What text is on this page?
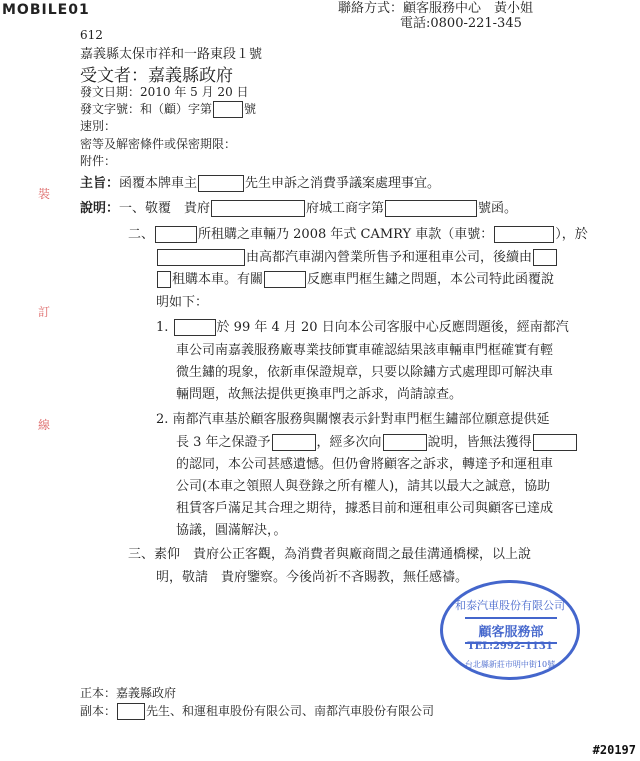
MOBILE01	聯絡方式：顧客服務中心　黃小姐
電話:0800-221-345
612
嘉義縣太保市祥和一路東段１號
受文者：嘉義縣政府
發文日期：2010 年 5 月 20 日
發文字號：和（顧）字第	號
速別：
密等及解密條件或保密期限：
附件：
裝
訂
線
主旨：函覆本牌車主	先生申訴之消費爭議案處理事宜。
說明：一、敬覆　貴府	府城工商字第	號函。
二、	所租購之車輛乃 2008 年式 CAMRY 車款（車號：	），於
由高都汽車湖內營業所售予和運租車公司，後續由
租購本車。有關	反應車門框生鏽之問題，本公司特此函覆說
明如下：
1.	於 99 年 4 月 20 日向本公司客服中心反應問題後，經南都汽
車公司南嘉義服務廠專業技師實車確認結果該車輛車門框確實有輕
微生鏽的現象，依新車保證規章，只要以除鏽方式處理即可解決車
輛問題，故無法提供更換車門之訴求，尚請諒查。
2. 南都汽車基於顧客服務與關懷表示針對車門框生鏽部位願意提供延
長 3 年之保證予	，經多次向	說明，皆無法獲得
的認同，本公司甚感遺憾。但仍會將顧客之訴求，轉達予和運租車
公司(本車之領照人與登錄之所有權人)，請其以最大之誠意，協助
租賃客戶滿足其合理之期待，據悉目前和運租車公司與顧客已達成
協議，圓滿解決，。
三、素仰　貴府公正客觀，為消費者與廠商間之最佳溝通橋樑，以上說
明，敬請　貴府鑒察。今後尚祈不吝賜教，無任感禱。
和泰汽車股份有限公司
顧客服務部
TEL:2992-1131
台北縣新莊市明中街10號
正本：嘉義縣政府
副本：	先生、和運租車股份有限公司、南都汽車股份有限公司
#20197
